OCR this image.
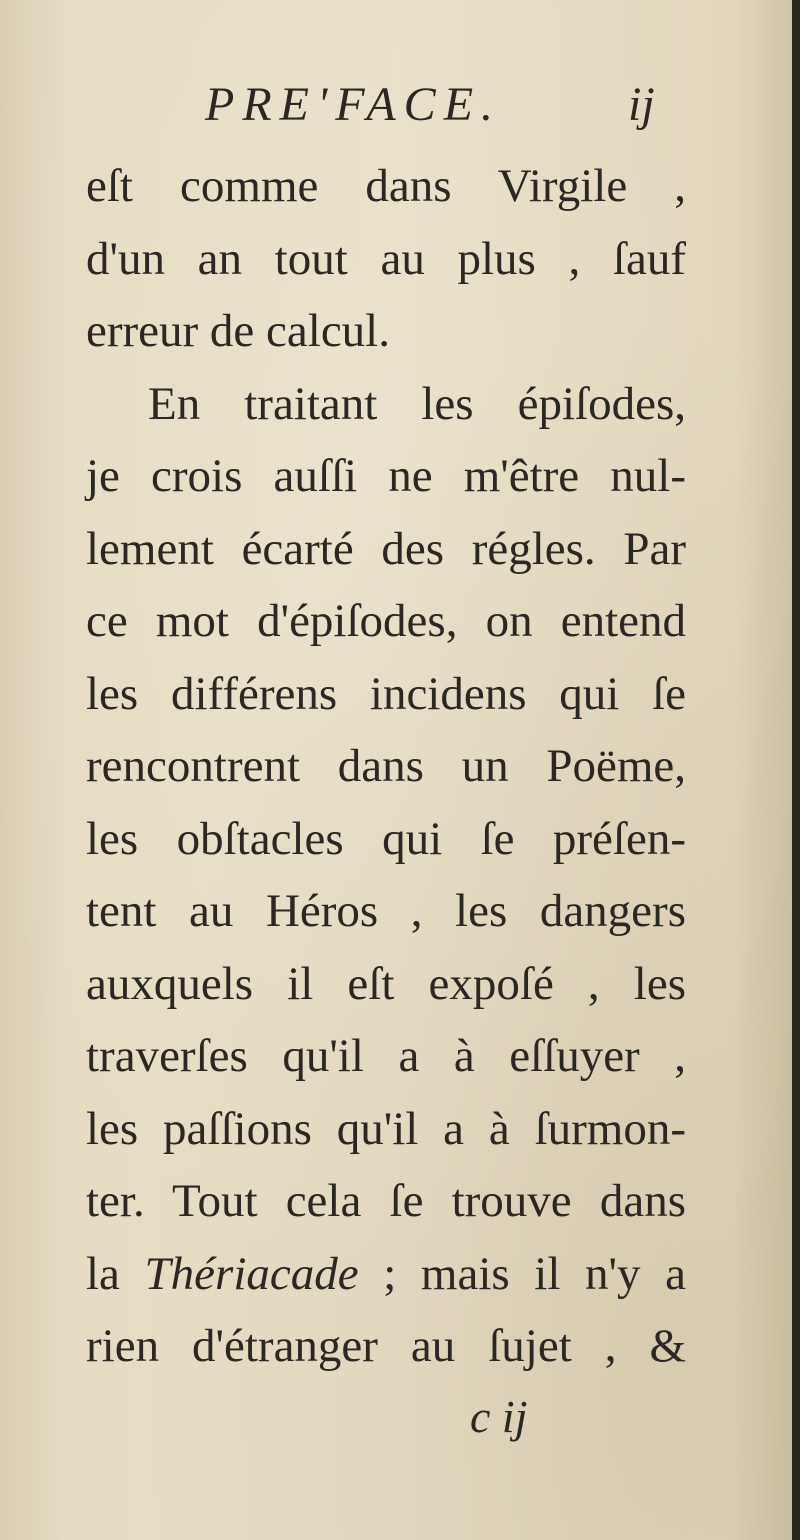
PRE'FACE.	ij
eſt comme dans Virgile ,
d'un an tout au plus , ſauf
erreur de calcul.
En traitant les épiſodes,
je crois auſſi ne m'être nul-
lement écarté des régles. Par
ce mot d'épiſodes, on entend
les différens incidens qui ſe
rencontrent dans un Poëme,
les obſtacles qui ſe préſen-
tent au Héros , les dangers
auxquels il eſt expoſé , les
traverſes qu'il a à eſſuyer ,
les paſſions qu'il a à ſurmon-
ter. Tout cela ſe trouve dans
la Thériacade ; mais il n'y a
rien d'étranger au ſujet , &
c ij
